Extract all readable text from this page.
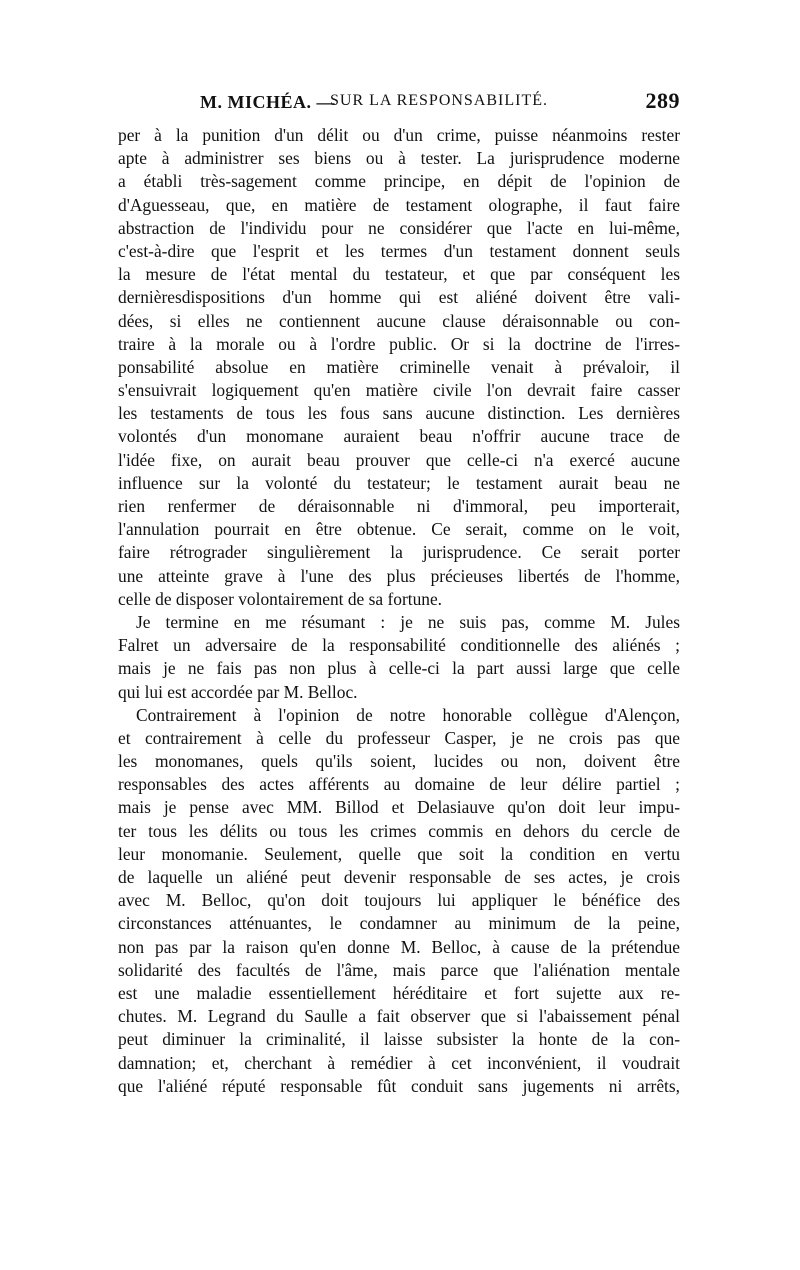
M. MICHÉA. —
SUR LA RESPONSABILITÉ.	289
per à la punition d'un délit ou d'un crime, puisse néanmoins rester
apte à administrer ses biens ou à tester. La jurisprudence moderne
a établi très-sagement comme principe, en dépit de l'opinion de
d'Aguesseau, que, en matière de testament olographe, il faut faire
abstraction de l'individu pour ne considérer que l'acte en lui-même,
c'est-à-dire que l'esprit et les termes d'un testament donnent seuls
la mesure de l'état mental du testateur, et que par conséquent les
dernièresdispositions d'un homme qui est aliéné doivent être vali-
dées, si elles ne contiennent aucune clause déraisonnable ou con-
traire à la morale ou à l'ordre public. Or si la doctrine de l'irres-
ponsabilité absolue en matière criminelle venait à prévaloir, il
s'ensuivrait logiquement qu'en matière civile l'on devrait faire casser
les testaments de tous les fous sans aucune distinction. Les dernières
volontés d'un monomane auraient beau n'offrir aucune trace de
l'idée fixe, on aurait beau prouver que celle-ci n'a exercé aucune
influence sur la volonté du testateur; le testament aurait beau ne
rien renfermer de déraisonnable ni d'immoral, peu importerait,
l'annulation pourrait en être obtenue. Ce serait, comme on le voit,
faire rétrograder singulièrement la jurisprudence. Ce serait porter
une atteinte grave à l'une des plus précieuses libertés de l'homme,
celle de disposer volontairement de sa fortune.
Je termine en me résumant : je ne suis pas, comme M. Jules
Falret un adversaire de la responsabilité conditionnelle des aliénés ;
mais je ne fais pas non plus à celle-ci la part aussi large que celle
qui lui est accordée par M. Belloc.
Contrairement à l'opinion de notre honorable collègue d'Alençon,
et contrairement à celle du professeur Casper, je ne crois pas que
les monomanes, quels qu'ils soient, lucides ou non, doivent être
responsables des actes afférents au domaine de leur délire partiel ;
mais je pense avec MM. Billod et Delasiauve qu'on doit leur impu-
ter tous les délits ou tous les crimes commis en dehors du cercle de
leur monomanie. Seulement, quelle que soit la condition en vertu
de laquelle un aliéné peut devenir responsable de ses actes, je crois
avec M. Belloc, qu'on doit toujours lui appliquer le bénéfice des
circonstances atténuantes, le condamner au minimum de la peine,
non pas par la raison qu'en donne M. Belloc, à cause de la prétendue
solidarité des facultés de l'âme, mais parce que l'aliénation mentale
est une maladie essentiellement héréditaire et fort sujette aux re-
chutes. M. Legrand du Saulle a fait observer que si l'abaissement pénal
peut diminuer la criminalité, il laisse subsister la honte de la con-
damnation; et, cherchant à remédier à cet inconvénient, il voudrait
que l'aliéné réputé responsable fût conduit sans jugements ni arrêts,
